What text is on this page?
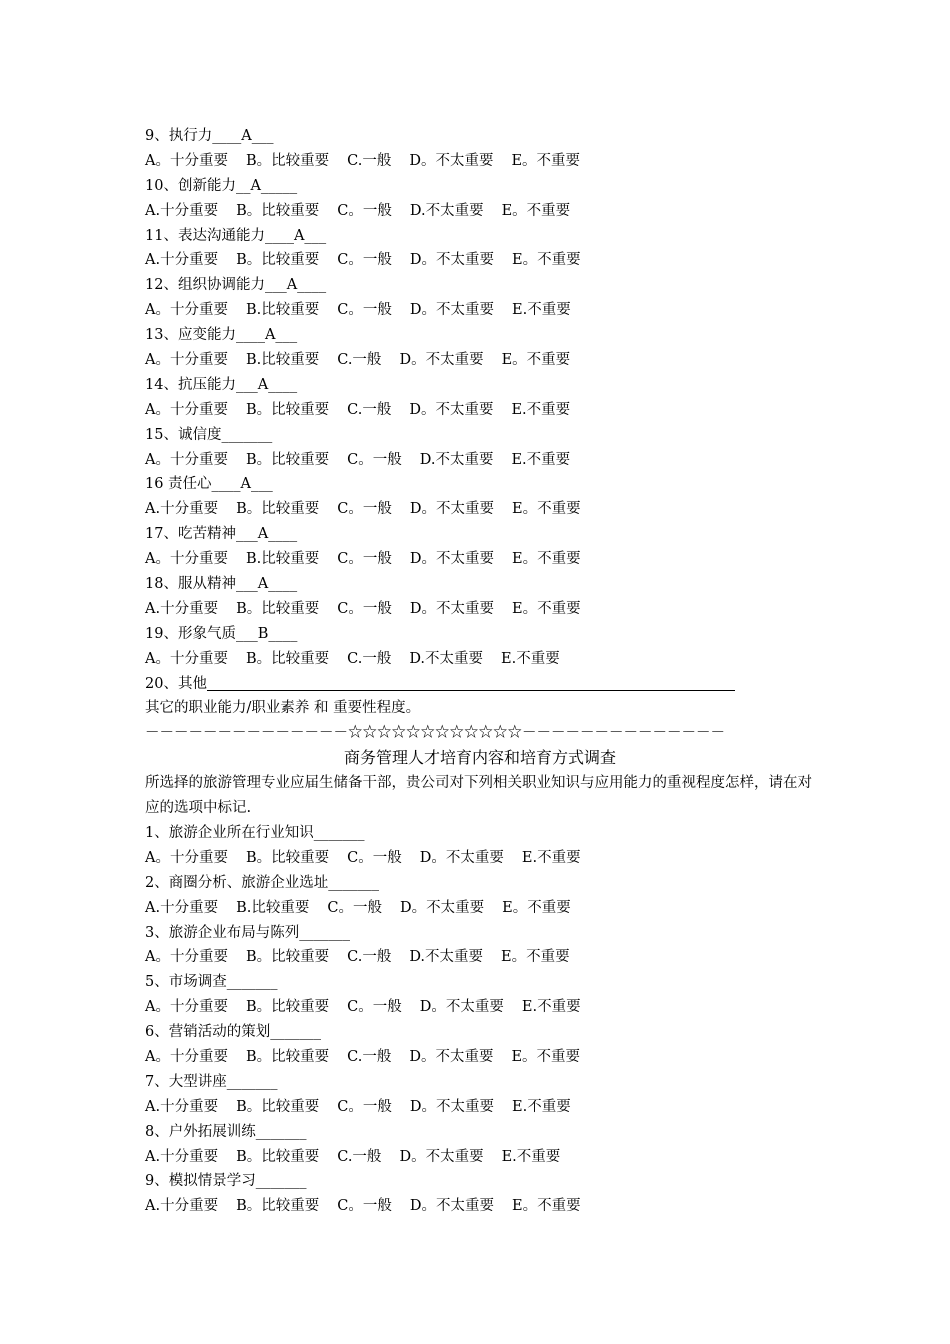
9、执行力____A___
A。十分重要 B。比较重要 C.一般 D。不太重要 E。不重要
10、创新能力__A_____
A.十分重要 B。比较重要 C。一般 D.不太重要 E。不重要
11、表达沟通能力____A___
A.十分重要 B。比较重要 C。一般 D。不太重要 E。不重要
12、组织协调能力___A____
A。十分重要 B.比较重要 C。一般 D。不太重要 E.不重要
13、应变能力____A___
A。十分重要 B.比较重要 C.一般 D。不太重要 E。不重要
14、抗压能力___A____
A。十分重要 B。比较重要 C.一般 D。不太重要 E.不重要
15、诚信度_______
A。十分重要 B。比较重要 C。一般 D.不太重要 E.不重要
16 责任心____A___
A.十分重要 B。比较重要 C。一般 D。不太重要 E。不重要
17、吃苦精神___A____
A。十分重要 B.比较重要 C。一般 D。不太重要 E。不重要
18、服从精神___A____
A.十分重要 B。比较重要 C。一般 D。不太重要 E。不重要
19、形象气质___B____
A。十分重要 B。比较重要 C.一般 D.不太重要 E.不重要
20、其他
其它的职业能力/职业素养 和 重要性程度。
－－－－－－－－－－－－－－☆☆☆☆☆☆☆☆☆☆☆☆－－－－－－－－－－－－－－
商务管理人才培育内容和培育方式调查
所选择的旅游管理专业应届生储备干部，贵公司对下列相关职业知识与应用能力的重视程度怎样，请在对应的选项中标记.
1、旅游企业所在行业知识_______
A。十分重要 B。比较重要 C。一般 D。不太重要 E.不重要
2、商圈分析、旅游企业选址_______
A.十分重要 B.比较重要 C。一般 D。不太重要 E。不重要
3、旅游企业布局与陈列_______
A。十分重要 B。比较重要 C.一般 D.不太重要 E。不重要
5、市场调查_______
A。十分重要 B。比较重要 C。一般 D。不太重要 E.不重要
6、营销活动的策划_______
A。十分重要 B。比较重要 C.一般 D。不太重要 E。不重要
7、大型讲座_______
A.十分重要 B。比较重要 C。一般 D。不太重要 E.不重要
8、户外拓展训练_______
A.十分重要 B。比较重要 C.一般 D。不太重要 E.不重要
9、模拟情景学习_______
A.十分重要 B。比较重要 C。一般 D。不太重要 E。不重要
